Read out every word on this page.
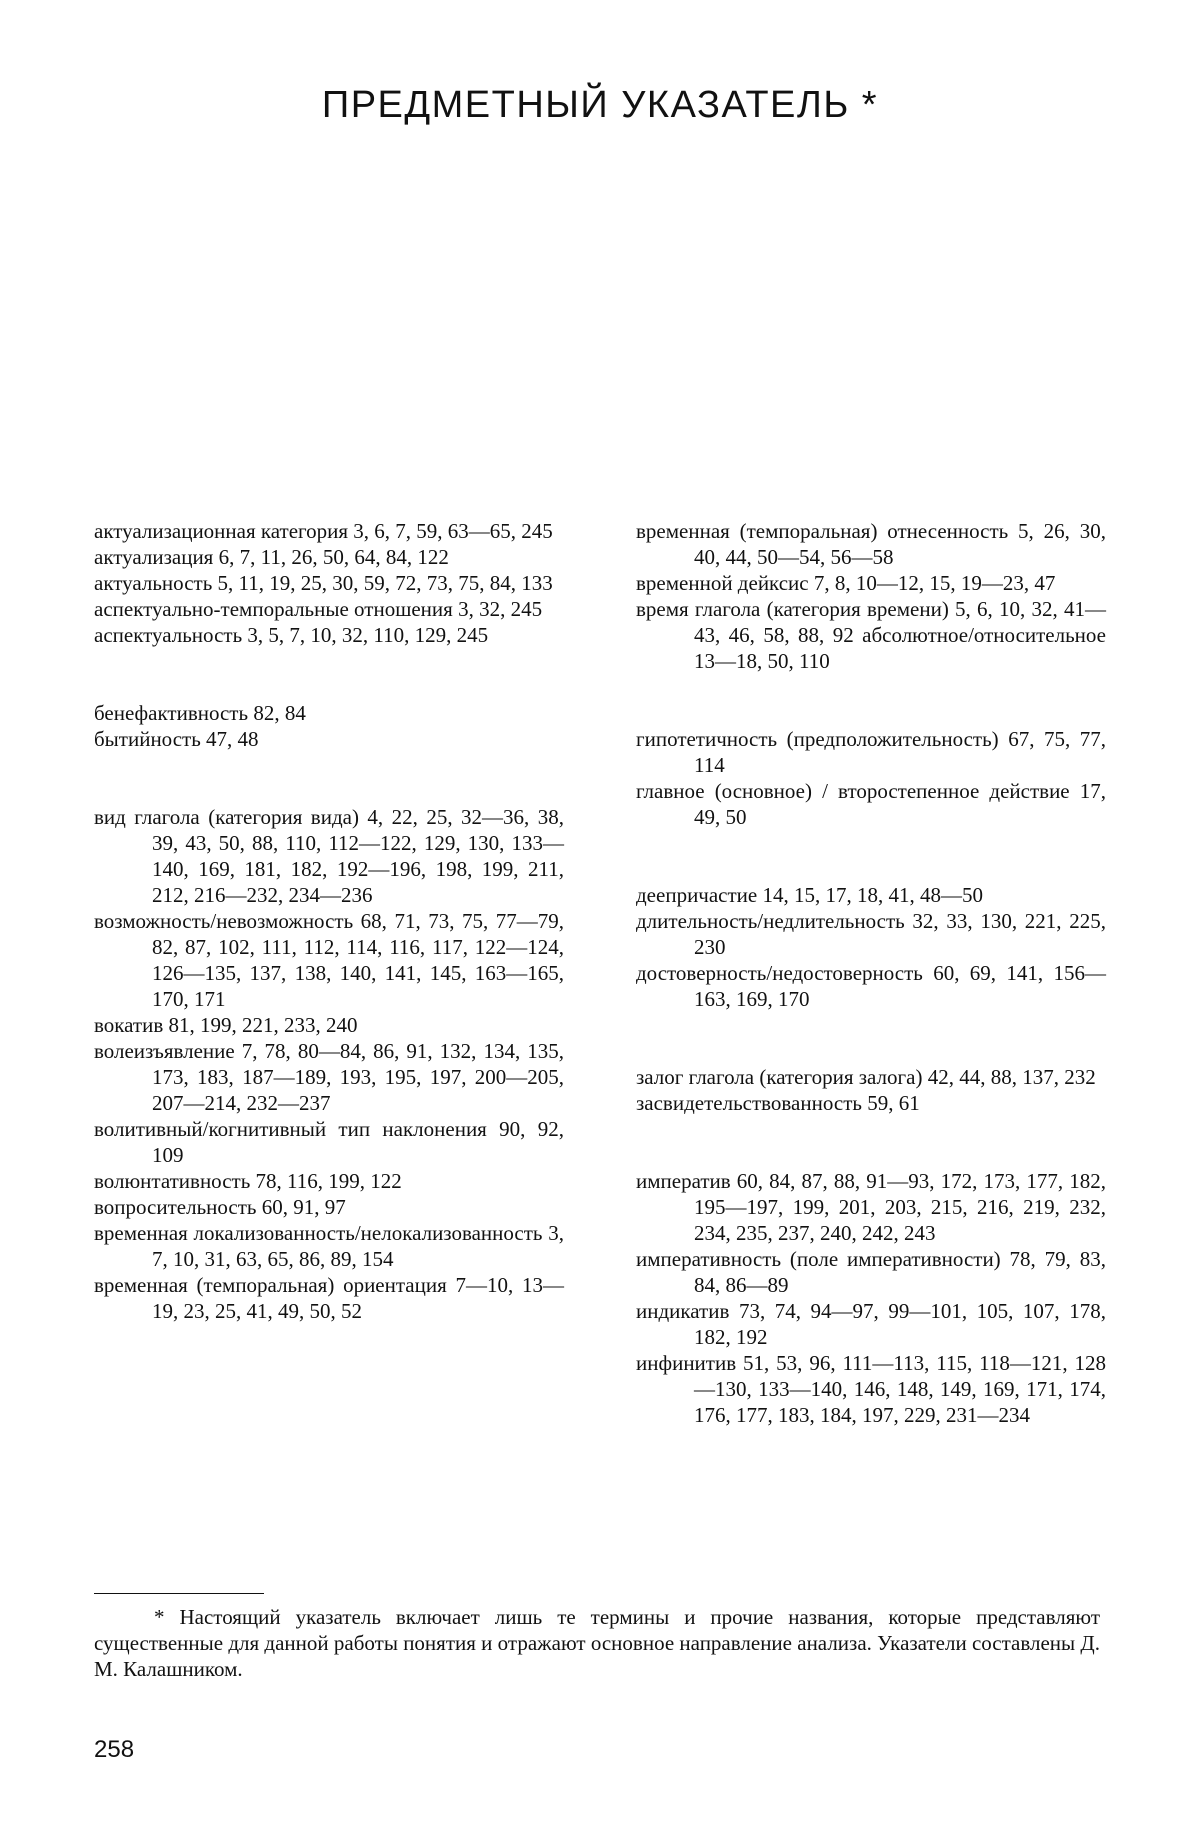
ПРЕДМЕТНЫЙ УКАЗАТЕЛЬ *
актуализационная категория 3, 6, 7, 59, 63—65, 245
актуализация 6, 7, 11, 26, 50, 64, 84, 122
актуальность 5, 11, 19, 25, 30, 59, 72, 73, 75, 84, 133
аспектуально-темпоральные отношения 3, 32, 245
аспектуальность 3, 5, 7, 10, 32, 110, 129, 245
бенефактивность 82, 84
бытийность 47, 48
вид глагола (категория вида) 4, 22, 25, 32—36, 38, 39, 43, 50, 88, 110, 112—122, 129, 130, 133—140, 169, 181, 182, 192—196, 198, 199, 211, 212, 216—232, 234—236
возможность/невозможность 68, 71, 73, 75, 77—79, 82, 87, 102, 111, 112, 114, 116, 117, 122—124, 126—135, 137, 138, 140, 141, 145, 163—165, 170, 171
вокатив 81, 199, 221, 233, 240
волеизъявление 7, 78, 80—84, 86, 91, 132, 134, 135, 173, 183, 187—189, 193, 195, 197, 200—205, 207—214, 232—237
волитивный/когнитивный тип наклонения 90, 92, 109
волюнтативность 78, 116, 199, 122
вопросительность 60, 91, 97
временная локализованность/нелокализованность 3, 7, 10, 31, 63, 65, 86, 89, 154
временная (темпоральная) ориентация 7—10, 13—19, 23, 25, 41, 49, 50, 52
временная (темпоральная) отнесенность 5, 26, 30, 40, 44, 50—54, 56—58
временной дейксис 7, 8, 10—12, 15, 19—23, 47
время глагола (категория времени) 5, 6, 10, 32, 41—43, 46, 58, 88, 92 абсолютное/относительное 13—18, 50, 110
гипотетичность (предположительность) 67, 75, 77, 114
главное (основное) / второстепенное действие 17, 49, 50
деепричастие 14, 15, 17, 18, 41, 48—50
длительность/недлительность 32, 33, 130, 221, 225, 230
достоверность/недостоверность 60, 69, 141, 156—163, 169, 170
залог глагола (категория залога) 42, 44, 88, 137, 232
засвидетельствованность 59, 61
императив 60, 84, 87, 88, 91—93, 172, 173, 177, 182, 195—197, 199, 201, 203, 215, 216, 219, 232, 234, 235, 237, 240, 242, 243
императивность (поле императивности) 78, 79, 83, 84, 86—89
индикатив 73, 74, 94—97, 99—101, 105, 107, 178, 182, 192
инфинитив 51, 53, 96, 111—113, 115, 118—121, 128—130, 133—140, 146, 148, 149, 169, 171, 174, 176, 177, 183, 184, 197, 229, 231—234
* Настоящий указатель включает лишь те термины и прочие названия, которые представляют существенные для данной работы понятия и отражают основное направление анализа. Указатели составлены Д. М. Калашником.
258
